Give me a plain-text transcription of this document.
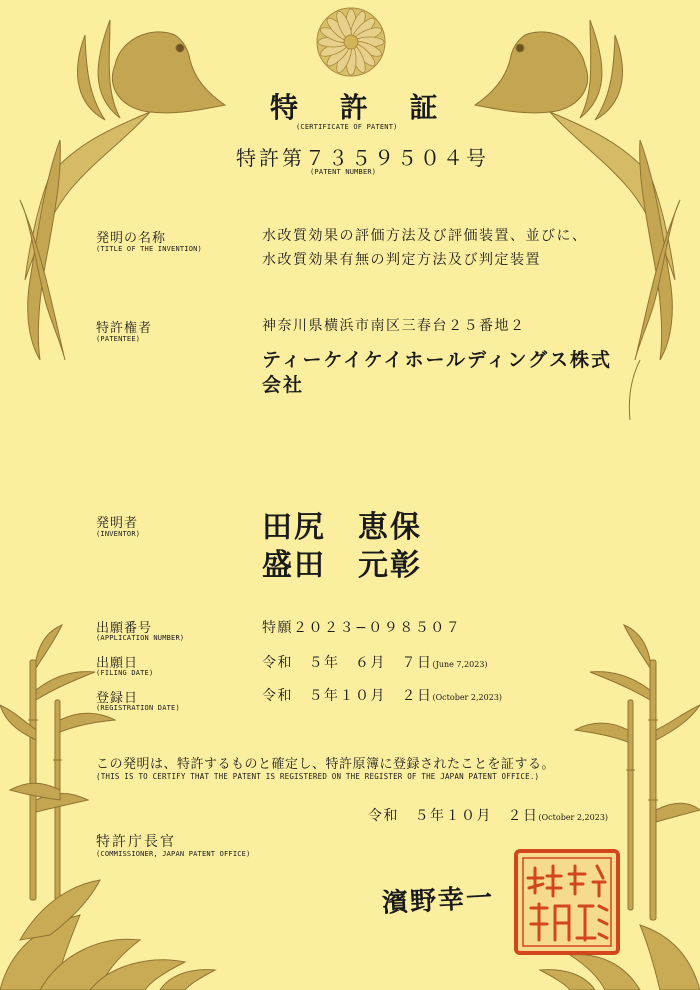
特 許 証
(CERTIFICATE OF PATENT)
特許第７３５９５０４号
(PATENT NUMBER)
発明の名称
(TITLE OF THE INVENTION)
水改質効果の評価方法及び評価装置、並びに、
水改質効果有無の判定方法及び判定装置
特許権者
(PATENTEE)
神奈川県横浜市南区三春台２５番地２
ティーケイケイホールディングス株式
会社
発明者
(INVENTOR)	田尻　恵保
盛田　元彰
出願番号
(APPLICATION NUMBER)
特願２０２３−０９８５０７
出願日
(FILING DATE)
令和　５年　６月　７日(June 7,2023)
登録日
(REGISTRATION DATE)
令和　５年１０月　２日(October 2,2023)
この発明は、特許するものと確定し、特許原簿に登録されたことを証する。
(THIS IS TO CERTIFY THAT THE PATENT IS REGISTERED ON THE REGISTER OF THE JAPAN PATENT OFFICE.)
令和　５年１０月　２日(October 2,2023)
特許庁長官
(COMMISSIONER, JAPAN PATENT OFFICE)
濱野幸一
